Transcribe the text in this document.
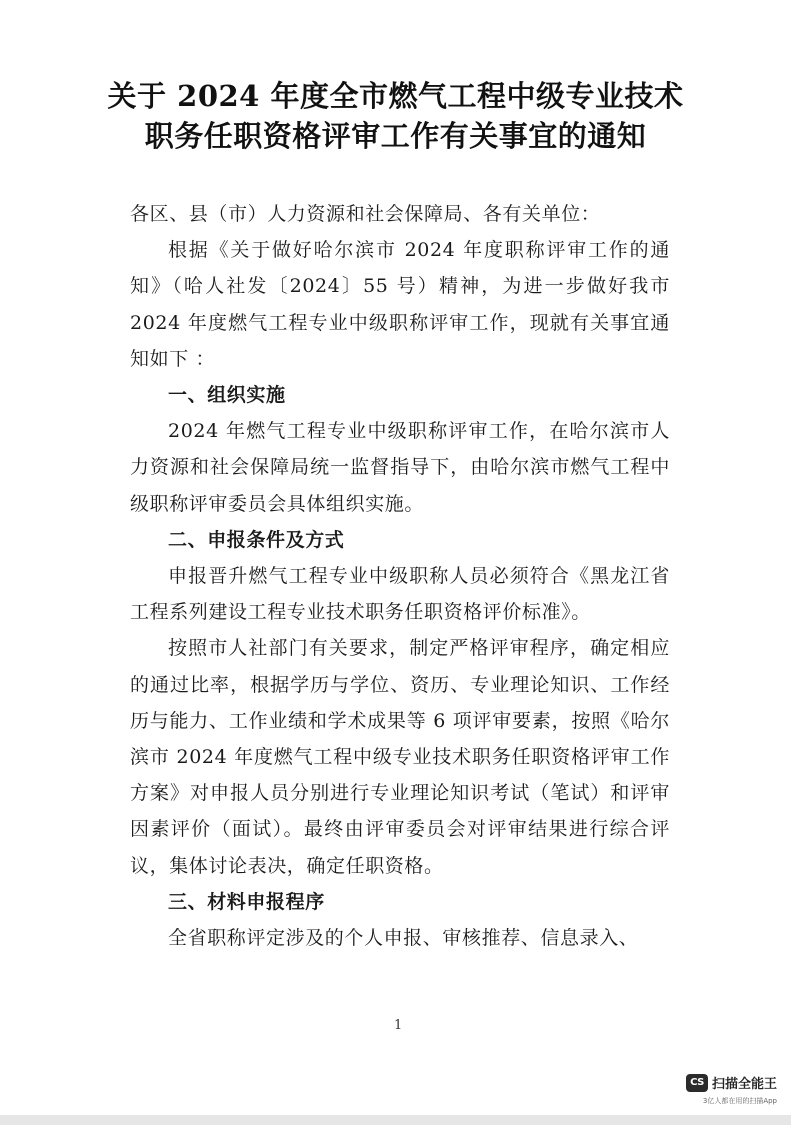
关于 2024 年度全市燃气工程中级专业技术
职务任职资格评审工作有关事宜的通知

各区、县（市）人力资源和社会保障局、各有关单位：

根据《关于做好哈尔滨市 2024 年度职称评审工作的通知》（哈人社发〔2024〕55 号）精神，为进一步做好我市 2024 年度燃气工程专业中级职称评审工作，现就有关事宜通知如下 ：

一、组织实施

2024 年燃气工程专业中级职称评审工作，在哈尔滨市人力资源和社会保障局统一监督指导下，由哈尔滨市燃气工程中级职称评审委员会具体组织实施。

二、申报条件及方式

申报晋升燃气工程专业中级职称人员必须符合《黑龙江省工程系列建设工程专业技术职务任职资格评价标准》。

按照市人社部门有关要求，制定严格评审程序，确定相应的通过比率，根据学历与学位、资历、专业理论知识、工作经历与能力、工作业绩和学术成果等 6 项评审要素，按照《哈尔滨市 2024 年度燃气工程中级专业技术职务任职资格评审工作方案》对申报人员分别进行专业理论知识考试（笔试）和评审因素评价（面试）。最终由评审委员会对评审结果进行综合评议，集体讨论表决，确定任职资格。

三、材料申报程序

全省职称评定涉及的个人申报、审核推荐、信息录入、

1
CS 扫描全能王
3亿人都在用的扫描App
